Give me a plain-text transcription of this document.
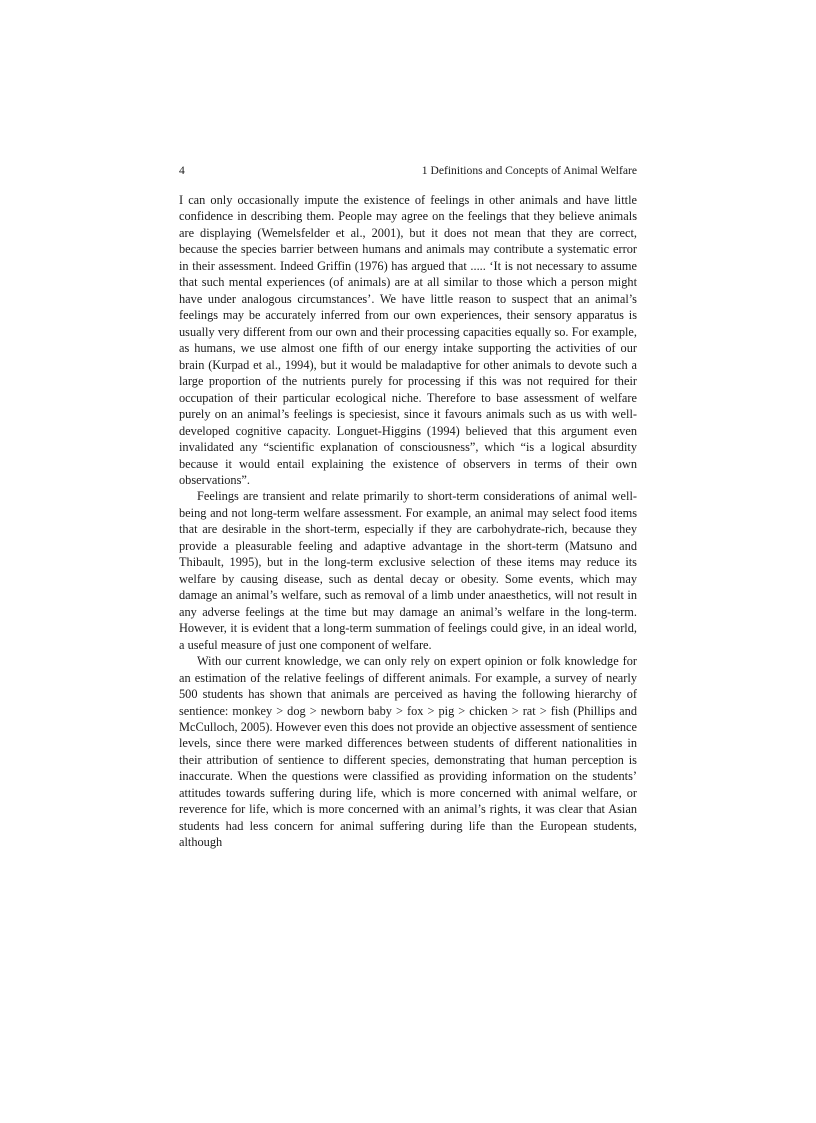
4	1 Definitions and Concepts of Animal Welfare

I can only occasionally impute the existence of feelings in other animals and have little confidence in describing them. People may agree on the feelings that they believe animals are displaying (Wemelsfelder et al., 2001), but it does not mean that they are correct, because the species barrier between humans and animals may contribute a systematic error in their assessment. Indeed Griffin (1976) has argued that ..... ‘It is not necessary to assume that such mental experiences (of animals) are at all similar to those which a person might have under analogous circumstances’. We have little reason to suspect that an animal’s feelings may be accurately inferred from our own experiences, their sensory apparatus is usually very different from our own and their processing capacities equally so. For example, as humans, we use almost one fifth of our energy intake supporting the activities of our brain (Kurpad et al., 1994), but it would be maladaptive for other animals to devote such a large proportion of the nutrients purely for processing if this was not required for their occupation of their particular ecological niche. Therefore to base assessment of welfare purely on an animal’s feelings is speciesist, since it favours animals such as us with well-developed cognitive capacity. Longuet-Higgins (1994) believed that this argument even invalidated any “scientific explanation of consciousness”, which “is a logical absurdity because it would entail explaining the existence of observers in terms of their own observations”.

Feelings are transient and relate primarily to short-term considerations of animal well-being and not long-term welfare assessment. For example, an animal may select food items that are desirable in the short-term, especially if they are carbohydrate-rich, because they provide a pleasurable feeling and adaptive advantage in the short-term (Matsuno and Thibault, 1995), but in the long-term exclusive selection of these items may reduce its welfare by causing disease, such as dental decay or obesity. Some events, which may damage an animal’s welfare, such as removal of a limb under anaesthetics, will not result in any adverse feelings at the time but may damage an animal’s welfare in the long-term. However, it is evident that a long-term summation of feelings could give, in an ideal world, a useful measure of just one component of welfare.

With our current knowledge, we can only rely on expert opinion or folk knowledge for an estimation of the relative feelings of different animals. For example, a survey of nearly 500 students has shown that animals are perceived as having the following hierarchy of sentience: monkey > dog > newborn baby > fox > pig > chicken > rat > fish (Phillips and McCulloch, 2005). However even this does not provide an objective assessment of sentience levels, since there were marked differences between students of different nationalities in their attribution of sentience to different species, demonstrating that human perception is inaccurate. When the questions were classified as providing information on the students’ attitudes towards suffering during life, which is more concerned with animal welfare, or reverence for life, which is more concerned with an animal’s rights, it was clear that Asian students had less concern for animal suffering during life than the European students, although
